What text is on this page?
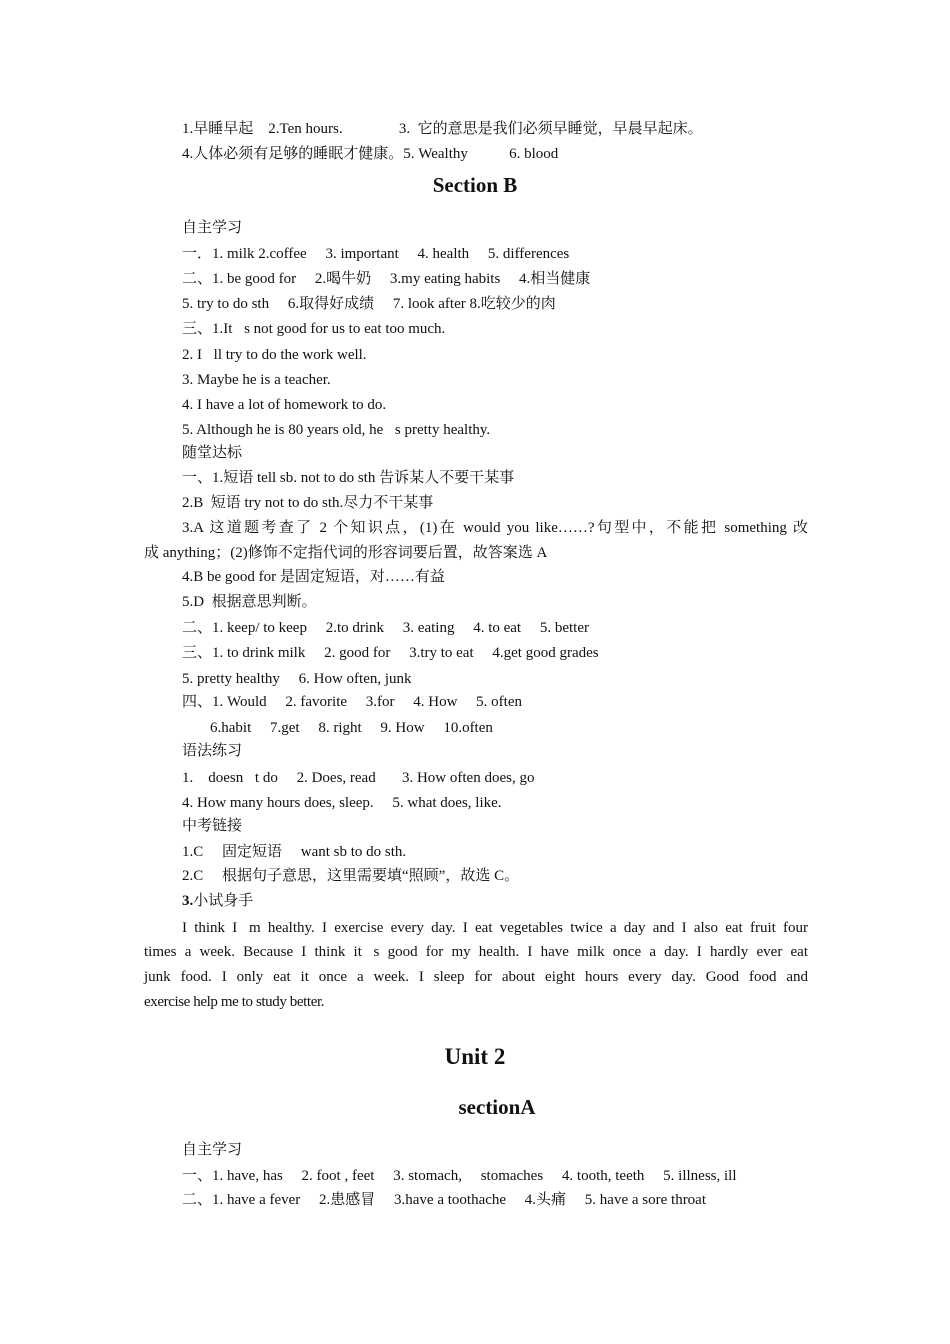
1.早睡早起    2.Ten hours.               3.  它的意思是我们必须早睡觉，早晨早起床。
4.人体必须有足够的睡眠才健康。5. Wealthy           6. blood
Section B
自主学习
一．1. milk 2.coffee     3. important     4. health     5. differences
二、1. be good for     2.喝牛奶     3.my eating habits     4.相当健康
5. try to do sth     6.取得好成绩     7. look after 8.吃较少的肉
三、1.It s not good for us to eat too much.
2. I ll try to do the work well.
3. Maybe he is a teacher.
4. I have a lot of homework to do.
5. Although he is 80 years old, he s pretty healthy.
随堂达标
一、1.短语 tell sb. not to do sth 告诉某人不要干某事
2.B  短语 try not to do sth.尽力不干某事
3.A 这道题考查了 2 个知识点，(1)在 would you like……?句型中，不能把 something 改
成 anything；(2)修饰不定指代词的形容词要后置，故答案选 A
4.B be good for 是固定短语，对……有益
5.D  根据意思判断。
二、1. keep/ to keep     2.to drink     3. eating     4. to eat     5. better
三、1. to drink milk     2. good for     3.try to eat     4.get good grades
5. pretty healthy     6. How often, junk
四、1. Would     2. favorite     3.for     4. How     5. often
6.habit     7.get     8. right     9. How     10.often
语法练习
1.    doesn t do     2. Does, read       3. How often does, go
4. How many hours does, sleep.     5. what does, like.
中考链接
1.C     固定短语     want sb to do sth.
2.C     根据句子意思，这里需要填“照顾”，故选 C。
3.小试身手
I think I m healthy. I exercise every day. I eat vegetables twice a day and I also eat fruit four
times a week. Because I think it s good for my health. I have milk once a day. I hardly ever eat
junk food. I only eat it once a week. I sleep for about eight hours every day. Good food and
exercise help me to study better.
Unit 2
sectionA
自主学习
一、1. have, has     2. foot , feet     3. stomach,     stomaches     4. tooth, teeth     5. illness, ill
二、1. have a fever     2.患感冒     3.have a toothache     4.头痛     5. have a sore throat
